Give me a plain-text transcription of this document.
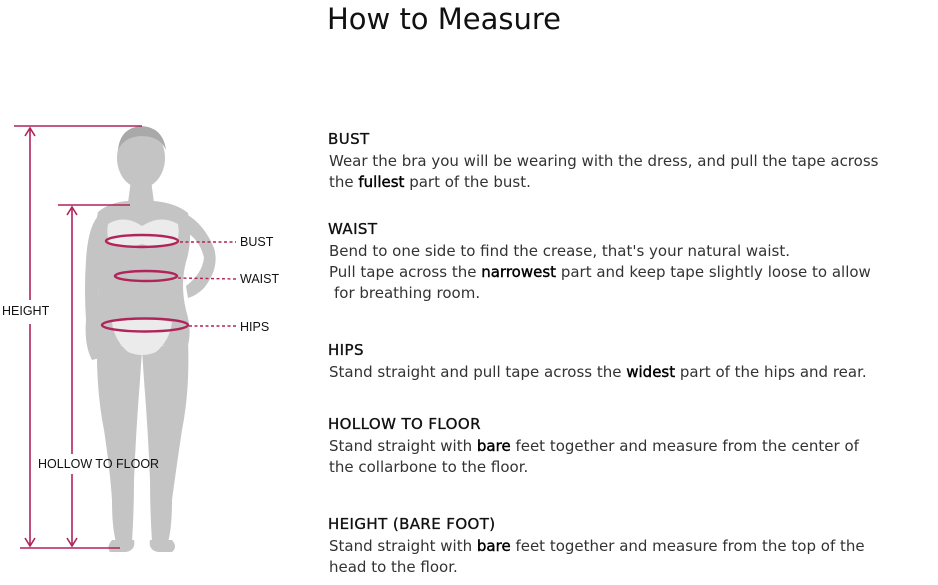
How to Measure
BUST
WAIST
HIPS
HEIGHT
HOLLOW TO FLOOR
BUST
Wear the bra you will be wearing with the dress, and pull the tape across
the fullest part of the bust.
WAIST
Bend to one side to find the crease, that's your natural waist.
Pull tape across the narrowest part and keep tape slightly loose to allow
for breathing room.
HIPS
Stand straight and pull tape across the widest part of the hips and rear.
HOLLOW TO FLOOR
Stand straight with bare feet together and measure from the center of
the collarbone to the floor.
HEIGHT (BARE FOOT)
Stand straight with bare feet together and measure from the top of the
head to the floor.
